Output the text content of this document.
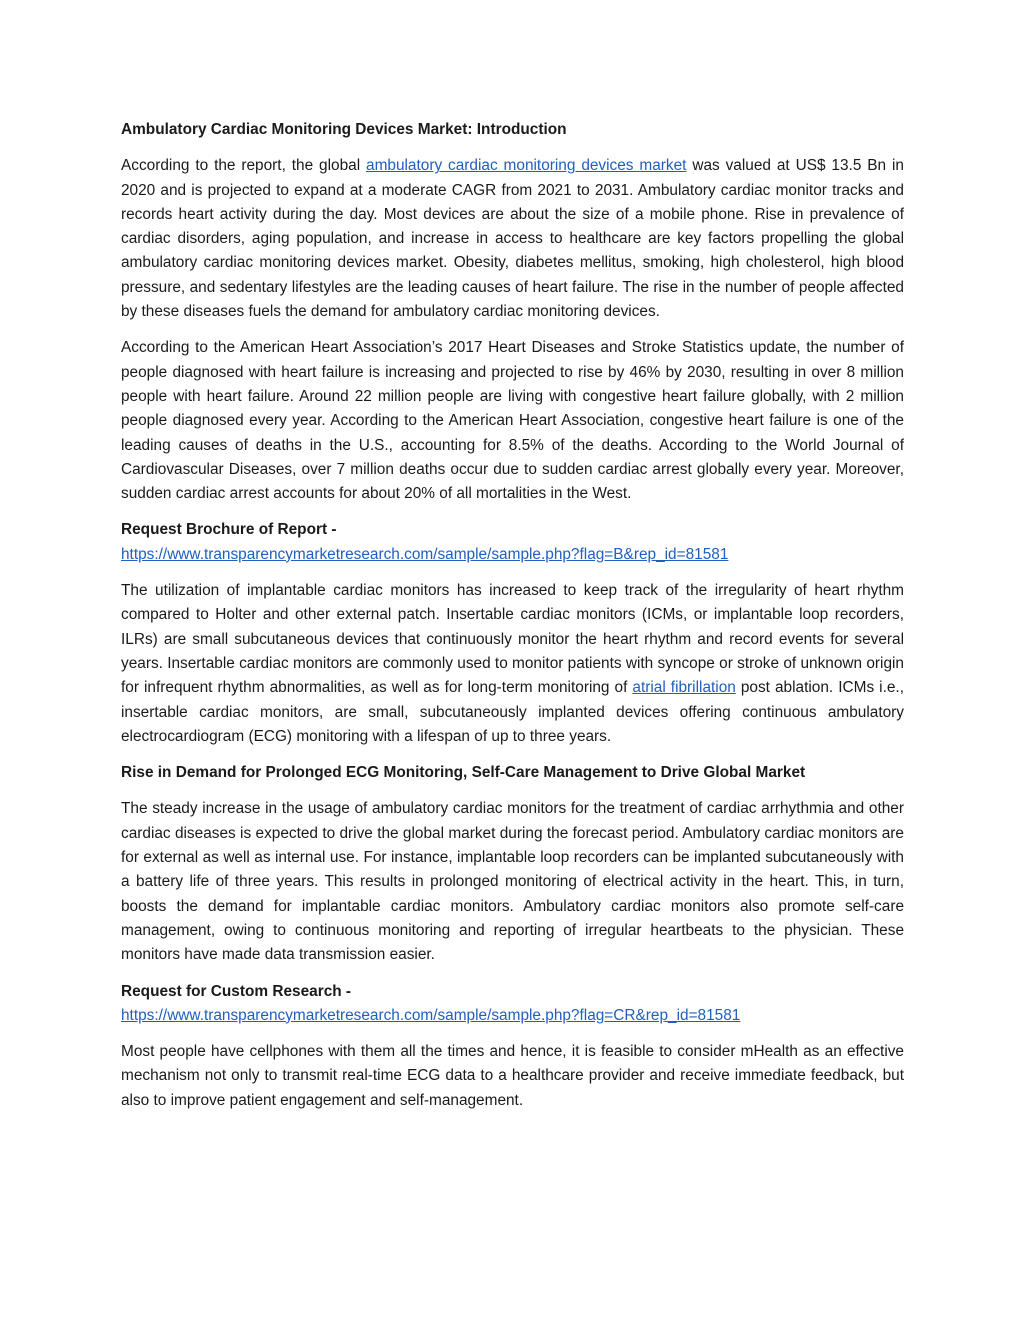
Ambulatory Cardiac Monitoring Devices Market: Introduction

According to the report, the global ambulatory cardiac monitoring devices market was valued at US$ 13.5 Bn in 2020 and is projected to expand at a moderate CAGR from 2021 to 2031. Ambulatory cardiac monitor tracks and records heart activity during the day. Most devices are about the size of a mobile phone. Rise in prevalence of cardiac disorders, aging population, and increase in access to healthcare are key factors propelling the global ambulatory cardiac monitoring devices market. Obesity, diabetes mellitus, smoking, high cholesterol, high blood pressure, and sedentary lifestyles are the leading causes of heart failure. The rise in the number of people affected by these diseases fuels the demand for ambulatory cardiac monitoring devices.

According to the American Heart Association’s 2017 Heart Diseases and Stroke Statistics update, the number of people diagnosed with heart failure is increasing and projected to rise by 46% by 2030, resulting in over 8 million people with heart failure. Around 22 million people are living with congestive heart failure globally, with 2 million people diagnosed every year. According to the American Heart Association, congestive heart failure is one of the leading causes of deaths in the U.S., accounting for 8.5% of the deaths. According to the World Journal of Cardiovascular Diseases, over 7 million deaths occur due to sudden cardiac arrest globally every year. Moreover, sudden cardiac arrest accounts for about 20% of all mortalities in the West.

Request Brochure of Report -
https://www.transparencymarketresearch.com/sample/sample.php?flag=B&rep_id=81581

The utilization of implantable cardiac monitors has increased to keep track of the irregularity of heart rhythm compared to Holter and other external patch. Insertable cardiac monitors (ICMs, or implantable loop recorders, ILRs) are small subcutaneous devices that continuously monitor the heart rhythm and record events for several years. Insertable cardiac monitors are commonly used to monitor patients with syncope or stroke of unknown origin for infrequent rhythm abnormalities, as well as for long-term monitoring of atrial fibrillation post ablation. ICMs i.e., insertable cardiac monitors, are small, subcutaneously implanted devices offering continuous ambulatory electrocardiogram (ECG) monitoring with a lifespan of up to three years.

Rise in Demand for Prolonged ECG Monitoring, Self-Care Management to Drive Global Market

The steady increase in the usage of ambulatory cardiac monitors for the treatment of cardiac arrhythmia and other cardiac diseases is expected to drive the global market during the forecast period. Ambulatory cardiac monitors are for external as well as internal use. For instance, implantable loop recorders can be implanted subcutaneously with a battery life of three years. This results in prolonged monitoring of electrical activity in the heart. This, in turn, boosts the demand for implantable cardiac monitors. Ambulatory cardiac monitors also promote self-care management, owing to continuous monitoring and reporting of irregular heartbeats to the physician. These monitors have made data transmission easier.

Request for Custom Research -
https://www.transparencymarketresearch.com/sample/sample.php?flag=CR&rep_id=81581

Most people have cellphones with them all the times and hence, it is feasible to consider mHealth as an effective mechanism not only to transmit real-time ECG data to a healthcare provider and receive immediate feedback, but also to improve patient engagement and self-management.
